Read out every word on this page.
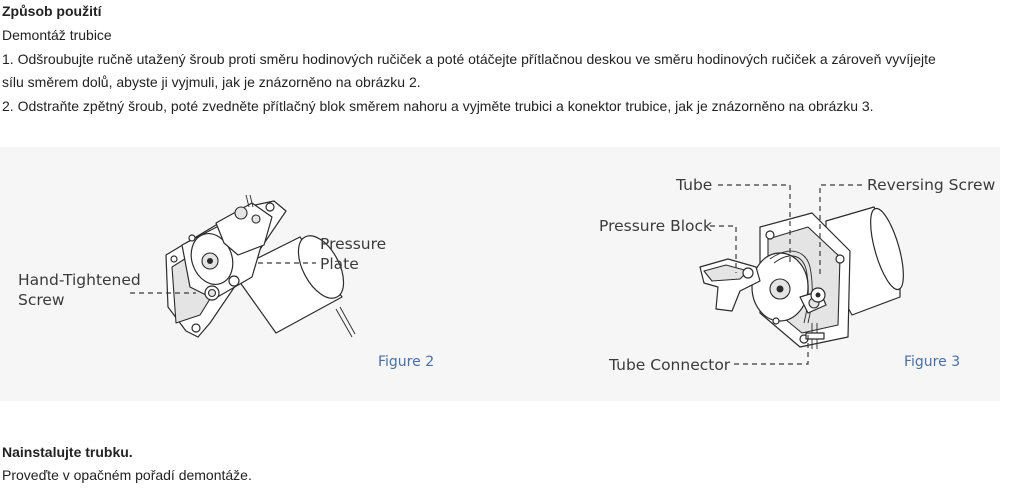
Způsob použití
Demontáž trubice
1. Odšroubujte ručně utažený šroub proti směru hodinových ručiček a poté otáčejte přítlačnou deskou ve směru hodinových ručiček a zároveň vyvíjejte
sílu směrem dolů, abyste ji vyjmuli, jak je znázorněno na obrázku 2.
2. Odstraňte zpětný šroub, poté zvedněte přítlačný blok směrem nahoru a vyjměte trubici a konektor trubice, jak je znázorněno na obrázku 3.
Hand-Tightened
Screw
Pressure
Plate
Figure 2
Tube	Reversing Screw
Pressure Block
Tube Connector	Figure 3
Nainstalujte trubku.
Proveďte v opačném pořadí demontáže.
